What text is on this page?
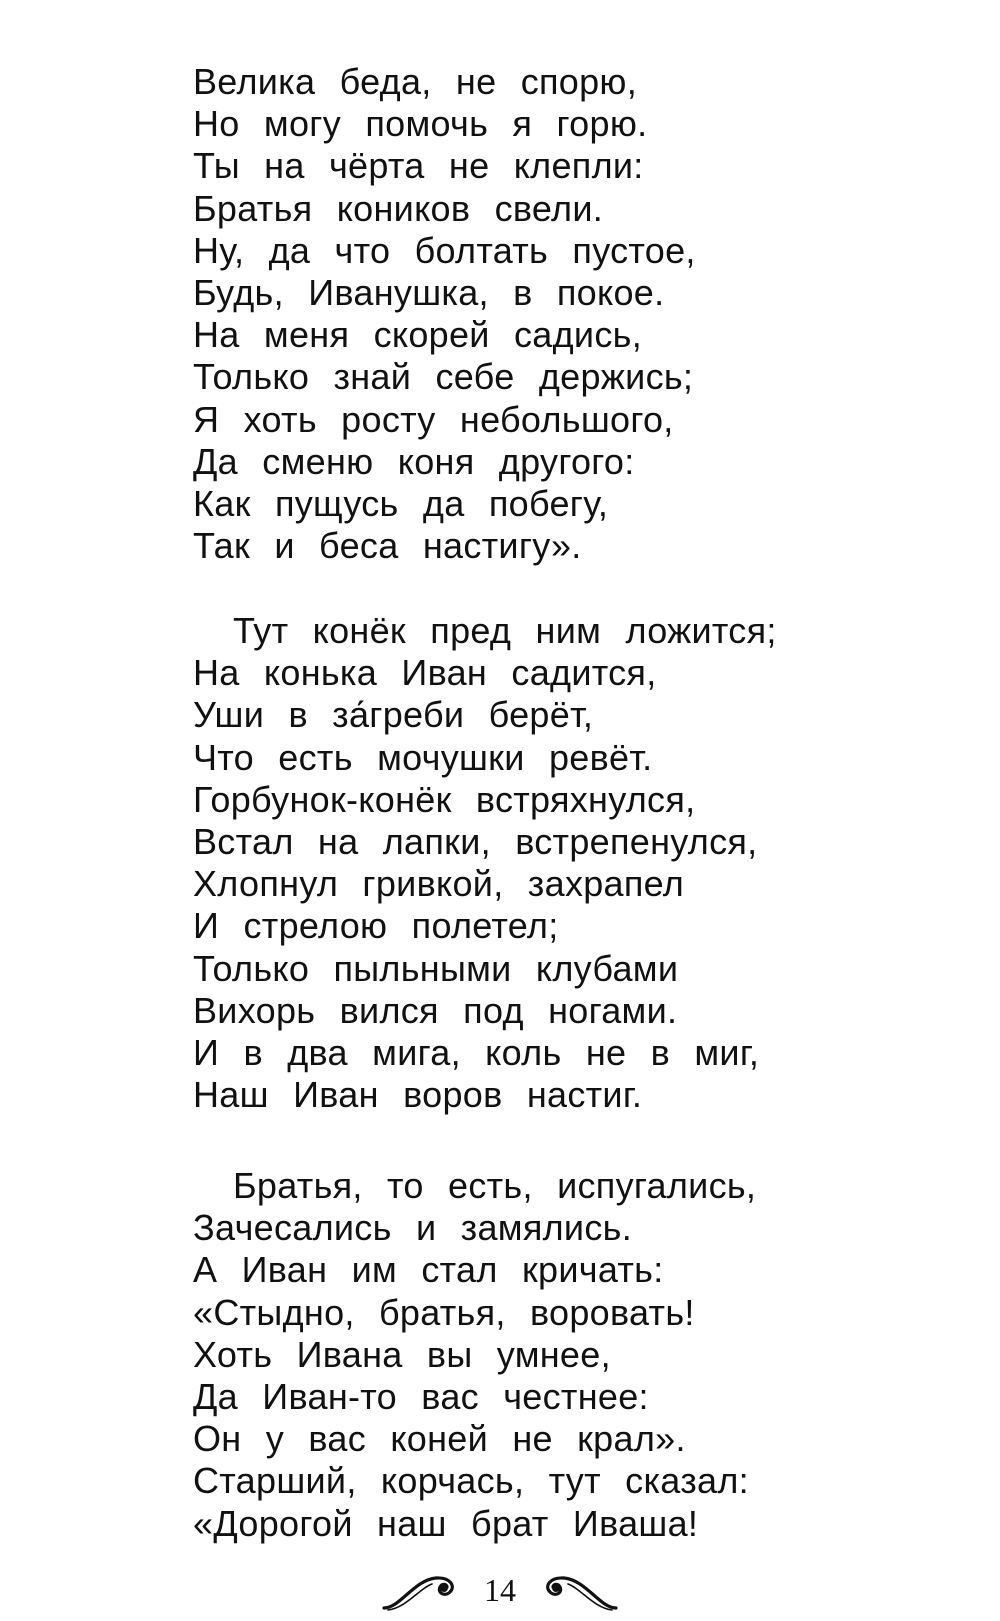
Велика беда, не спорю,
Но могу помочь я горю.
Ты на чёрта не клепли:
Братья коников свели.
Ну, да что болтать пустое,
Будь, Иванушка, в покое.
На меня скорей садись,
Только знай себе держись;
Я хоть росту небольшого,
Да сменю коня другого:
Как пущусь да побегу,
Так и беса настигу».
Тут конёк пред ним ложится;
На конька Иван садится,
Уши в за́греби берёт,
Что есть мочушки ревёт.
Горбунок-конёк встряхнулся,
Встал на лапки, встрепенулся,
Хлопнул гривкой, захрапел
И стрелою полетел;
Только пыльными клубами
Вихорь вился под ногами.
И в два мига, коль не в миг,
Наш Иван воров настиг.
Братья, то есть, испугались,
Зачесались и замялись.
А Иван им стал кричать:
«Стыдно, братья, воровать!
Хоть Ивана вы умнее,
Да Иван-то вас честнее:
Он у вас коней не крал».
Старший, корчась, тут сказал:
«Дорогой наш брат Иваша!
14
